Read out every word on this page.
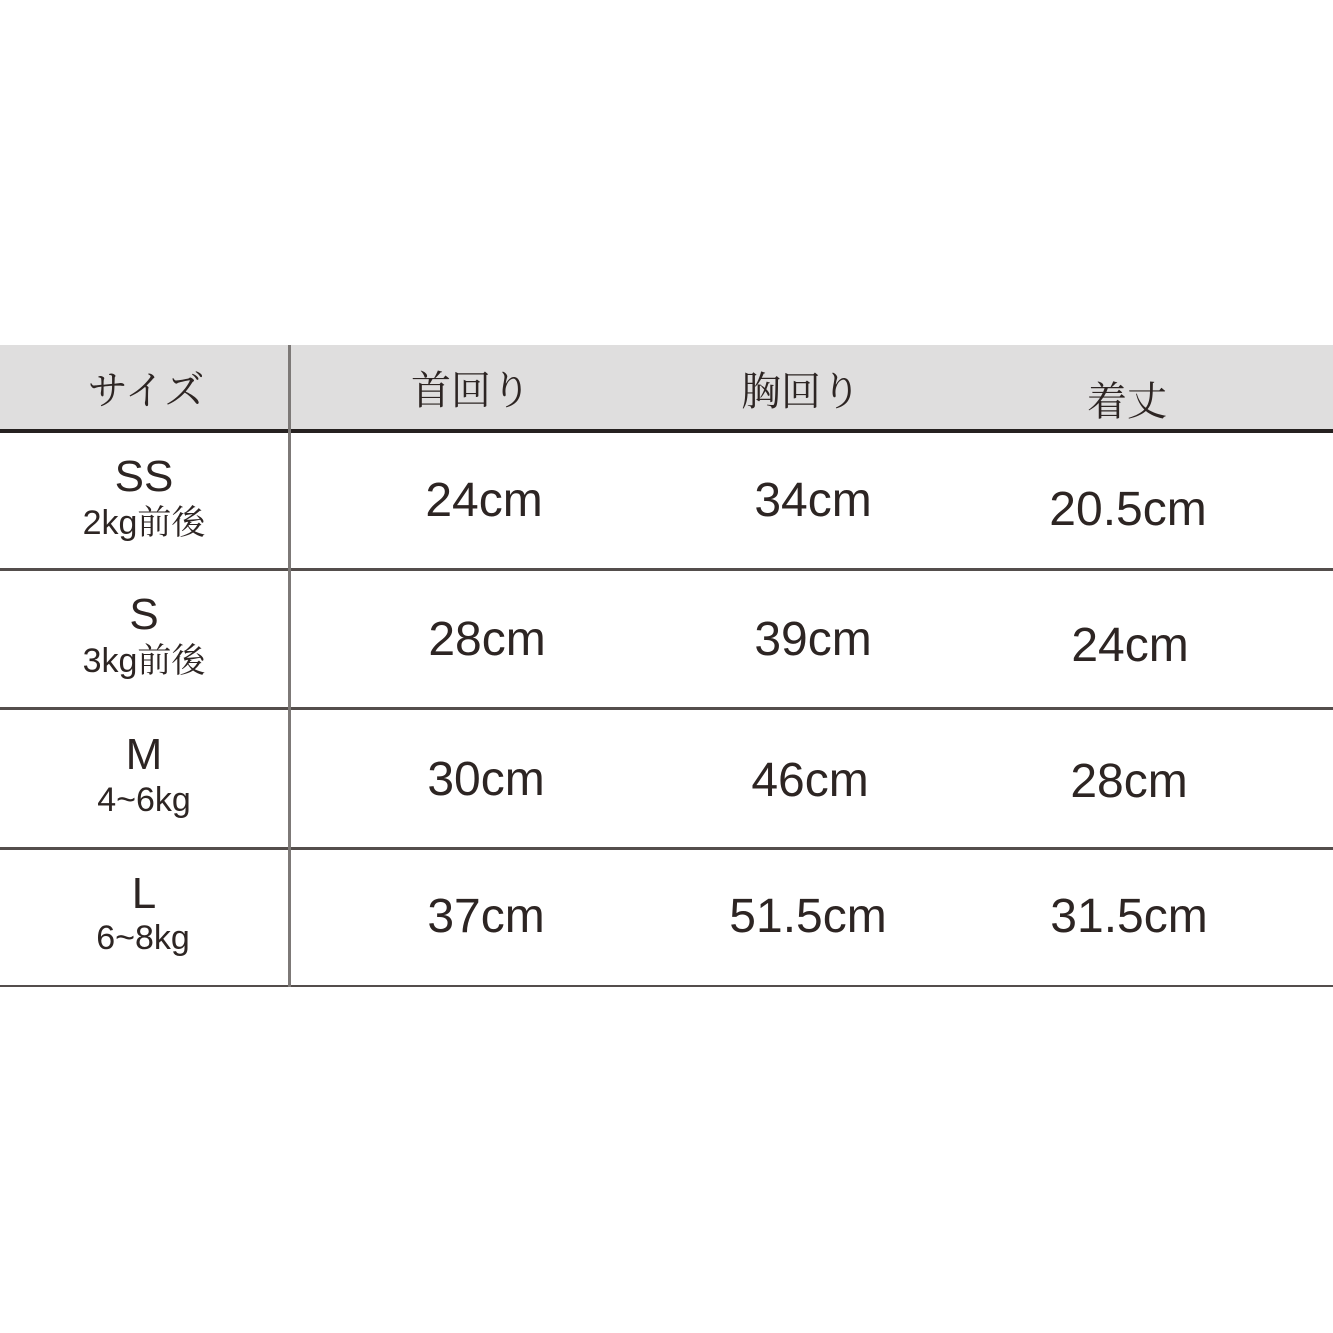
サイズ	首回り	胸回り	着丈
SS
2kg前後	24cm	34cm	20.5cm
S
3kg前後	28cm	39cm	24cm
M
4~6kg	30cm	46cm	28cm
L
6~8kg	37cm	51.5cm	31.5cm
